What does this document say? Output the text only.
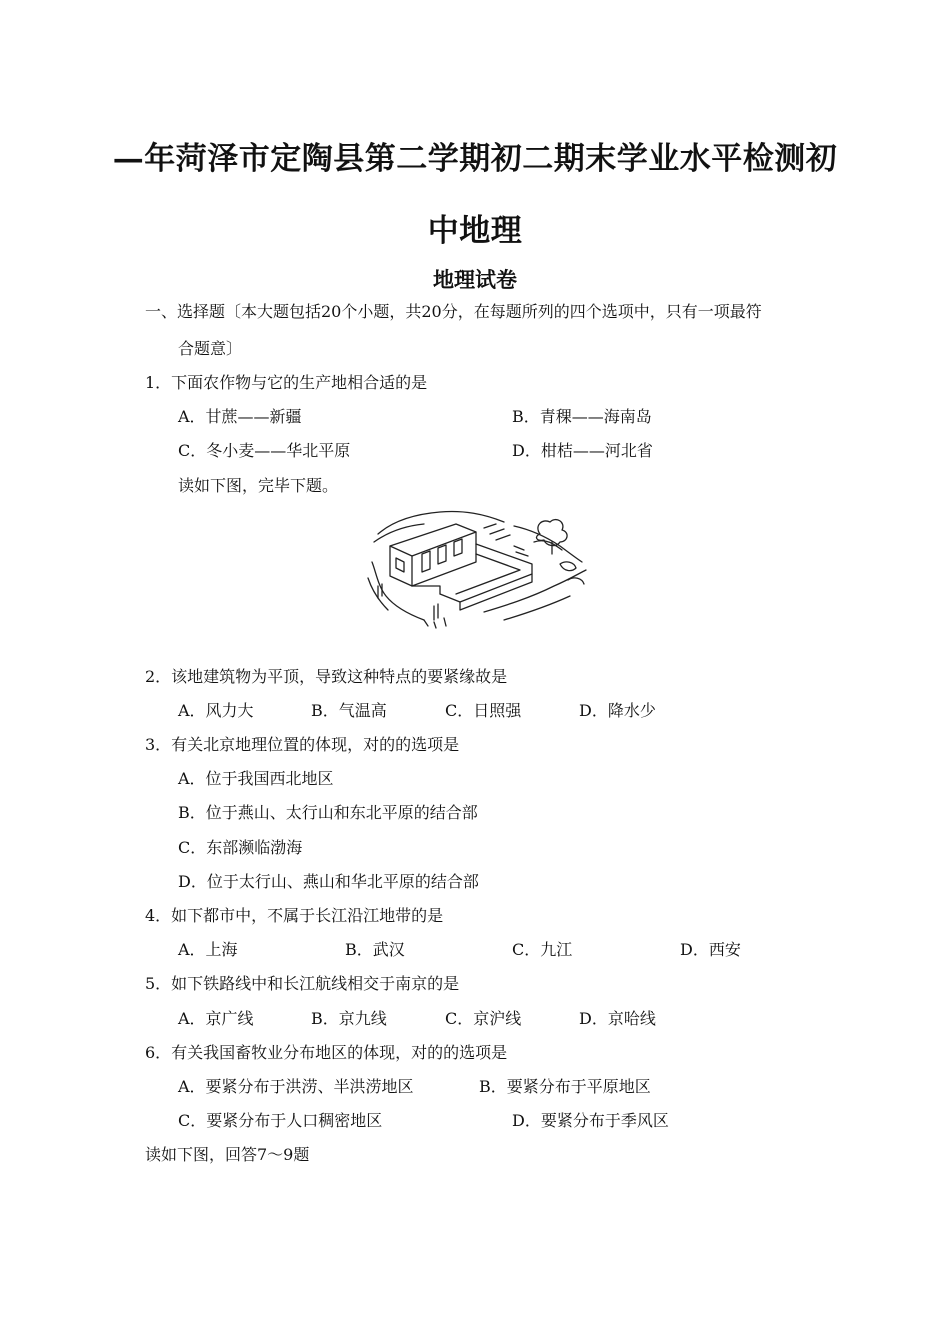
—年菏泽市定陶县第二学期初二期末学业水平检测初
中地理
地理试卷
一、选择题〔本大题包括20个小题，共20分，在每题所列的四个选项中，只有一项最符
合题意〕
1．下面农作物与它的生产地相合适的是
A．甘蔗——新疆	B．青稞——海南岛
C．冬小麦——华北平原	D．柑桔——河北省
读如下图，完毕下题。
2．该地建筑物为平顶，导致这种特点的要紧缘故是
A．风力大	B．气温高	C．日照强	D．降水少
3．有关北京地理位置的体现，对的的选项是
A．位于我国西北地区
B．位于燕山、太行山和东北平原的结合部
C．东部濒临渤海
D．位于太行山、燕山和华北平原的结合部
4．如下都市中，不属于长江沿江地带的是
A．上海	B．武汉	C．九江	D．西安
5．如下铁路线中和长江航线相交于南京的是
A．京广线	B．京九线	C．京沪线	D．京哈线
6．有关我国畜牧业分布地区的体现，对的的选项是
A．要紧分布于洪涝、半洪涝地区	B．要紧分布于平原地区
C．要紧分布于人口稠密地区	D．要紧分布于季风区
读如下图，回答7～9题
